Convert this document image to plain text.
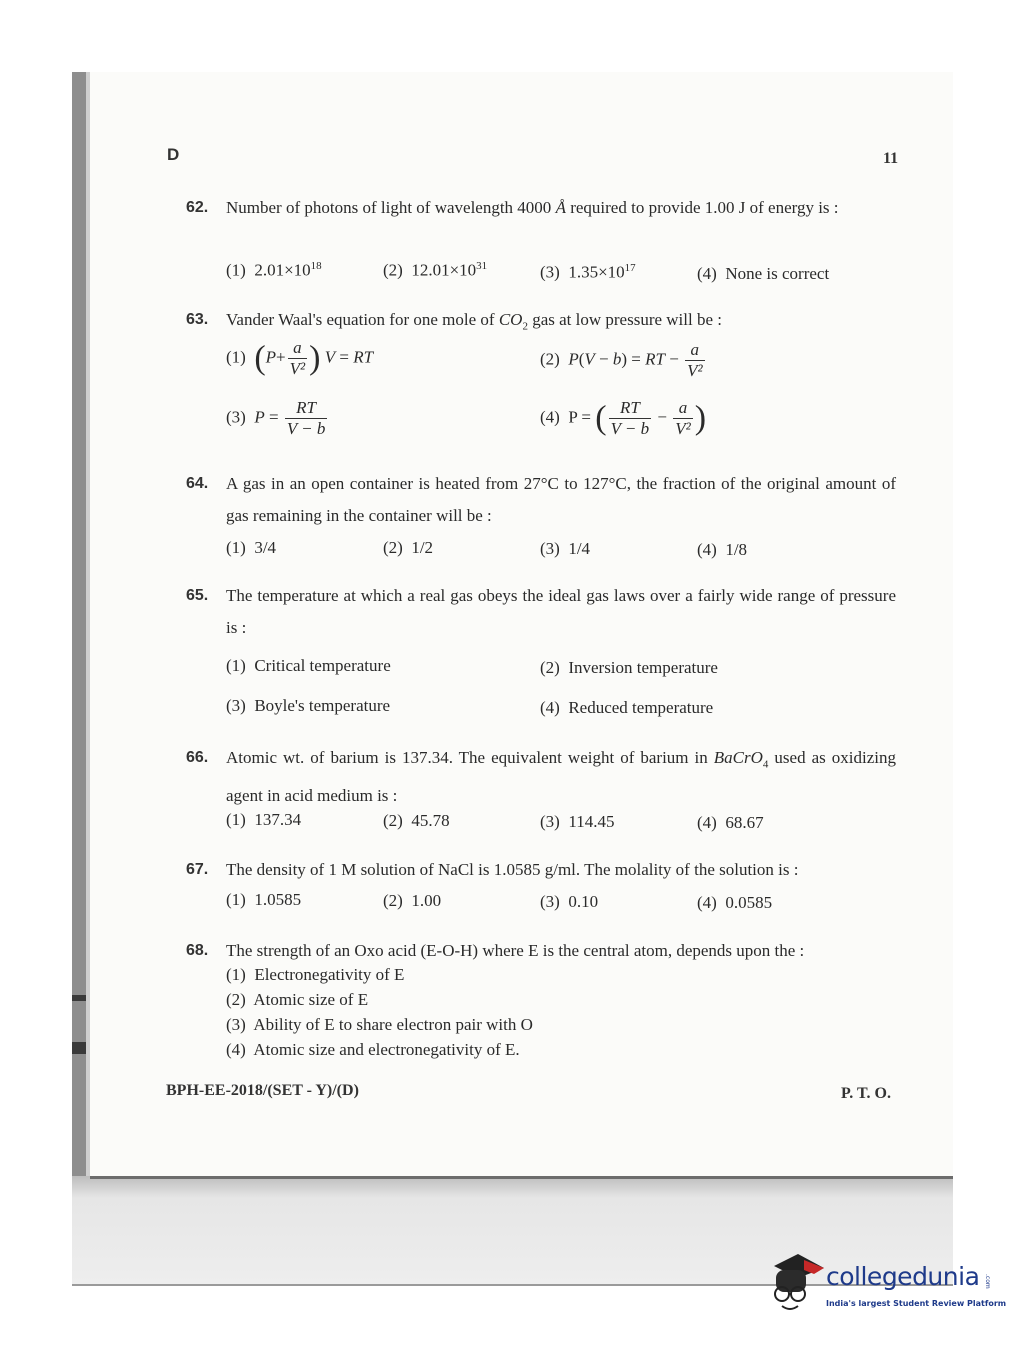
D	11
62. Number of photons of light of wavelength 4000 Å required to provide 1.00 J of energy is :
(1) $2.01\times 10^{18}$	(2) $12.01\times 10^{31}$	(3) $1.35\times 10^{17}$	(4) None is correct
63. Vander Waal's equation for one mole of $CO_2$ gas at low pressure will be :
(1) ($P+ \frac{a}{\text{V²}}$ ) V = RT	(2) P(V − b) = RT − $\frac{a}{\text{V²}}$
(3) $P = \frac{RT}{V - b}$	(4)  P = ( $\frac{RT}{V - b} - \frac{a}{\text{V²}}$ )
64. A gas in an open container is heated from 27°C to 127°C, the fraction of the original amount of gas remaining in the container will be :
(1) 3/4	(2) 1/2	(3) 1/4	(4) 1/8
65. The temperature at which a real gas obeys the ideal gas laws over a fairly wide range of pressure is :
(1) Critical temperature	(2) Inversion temperature
(3) Boyle's temperature	(4) Reduced temperature
66. Atomic wt. of barium is 137.34. The equivalent weight of barium in BaCrO$_4$ used as oxidizing agent in acid medium is :
(1) 137.34	(2) 45.78	(3) 114.45	(4) 68.67
67. The density of 1 M solution of NaCl is 1.0585 g/ml. The molality of the solution is :
(1) 1.0585	(2) 1.00	(3) 0.10	(4) 0.0585
68. The strength of an Oxo acid (E-O-H) where E is the central atom, depends upon the :
(1) Electronegativity of E
(2) Atomic size of E
(3) Ability of E to share electron pair with O
(4) Atomic size and electronegativity of E.
BPH-EE-2018/(SET - Y)/(D)	P. T. O.
collegedunia
India's largest Student Review Platform
.com
